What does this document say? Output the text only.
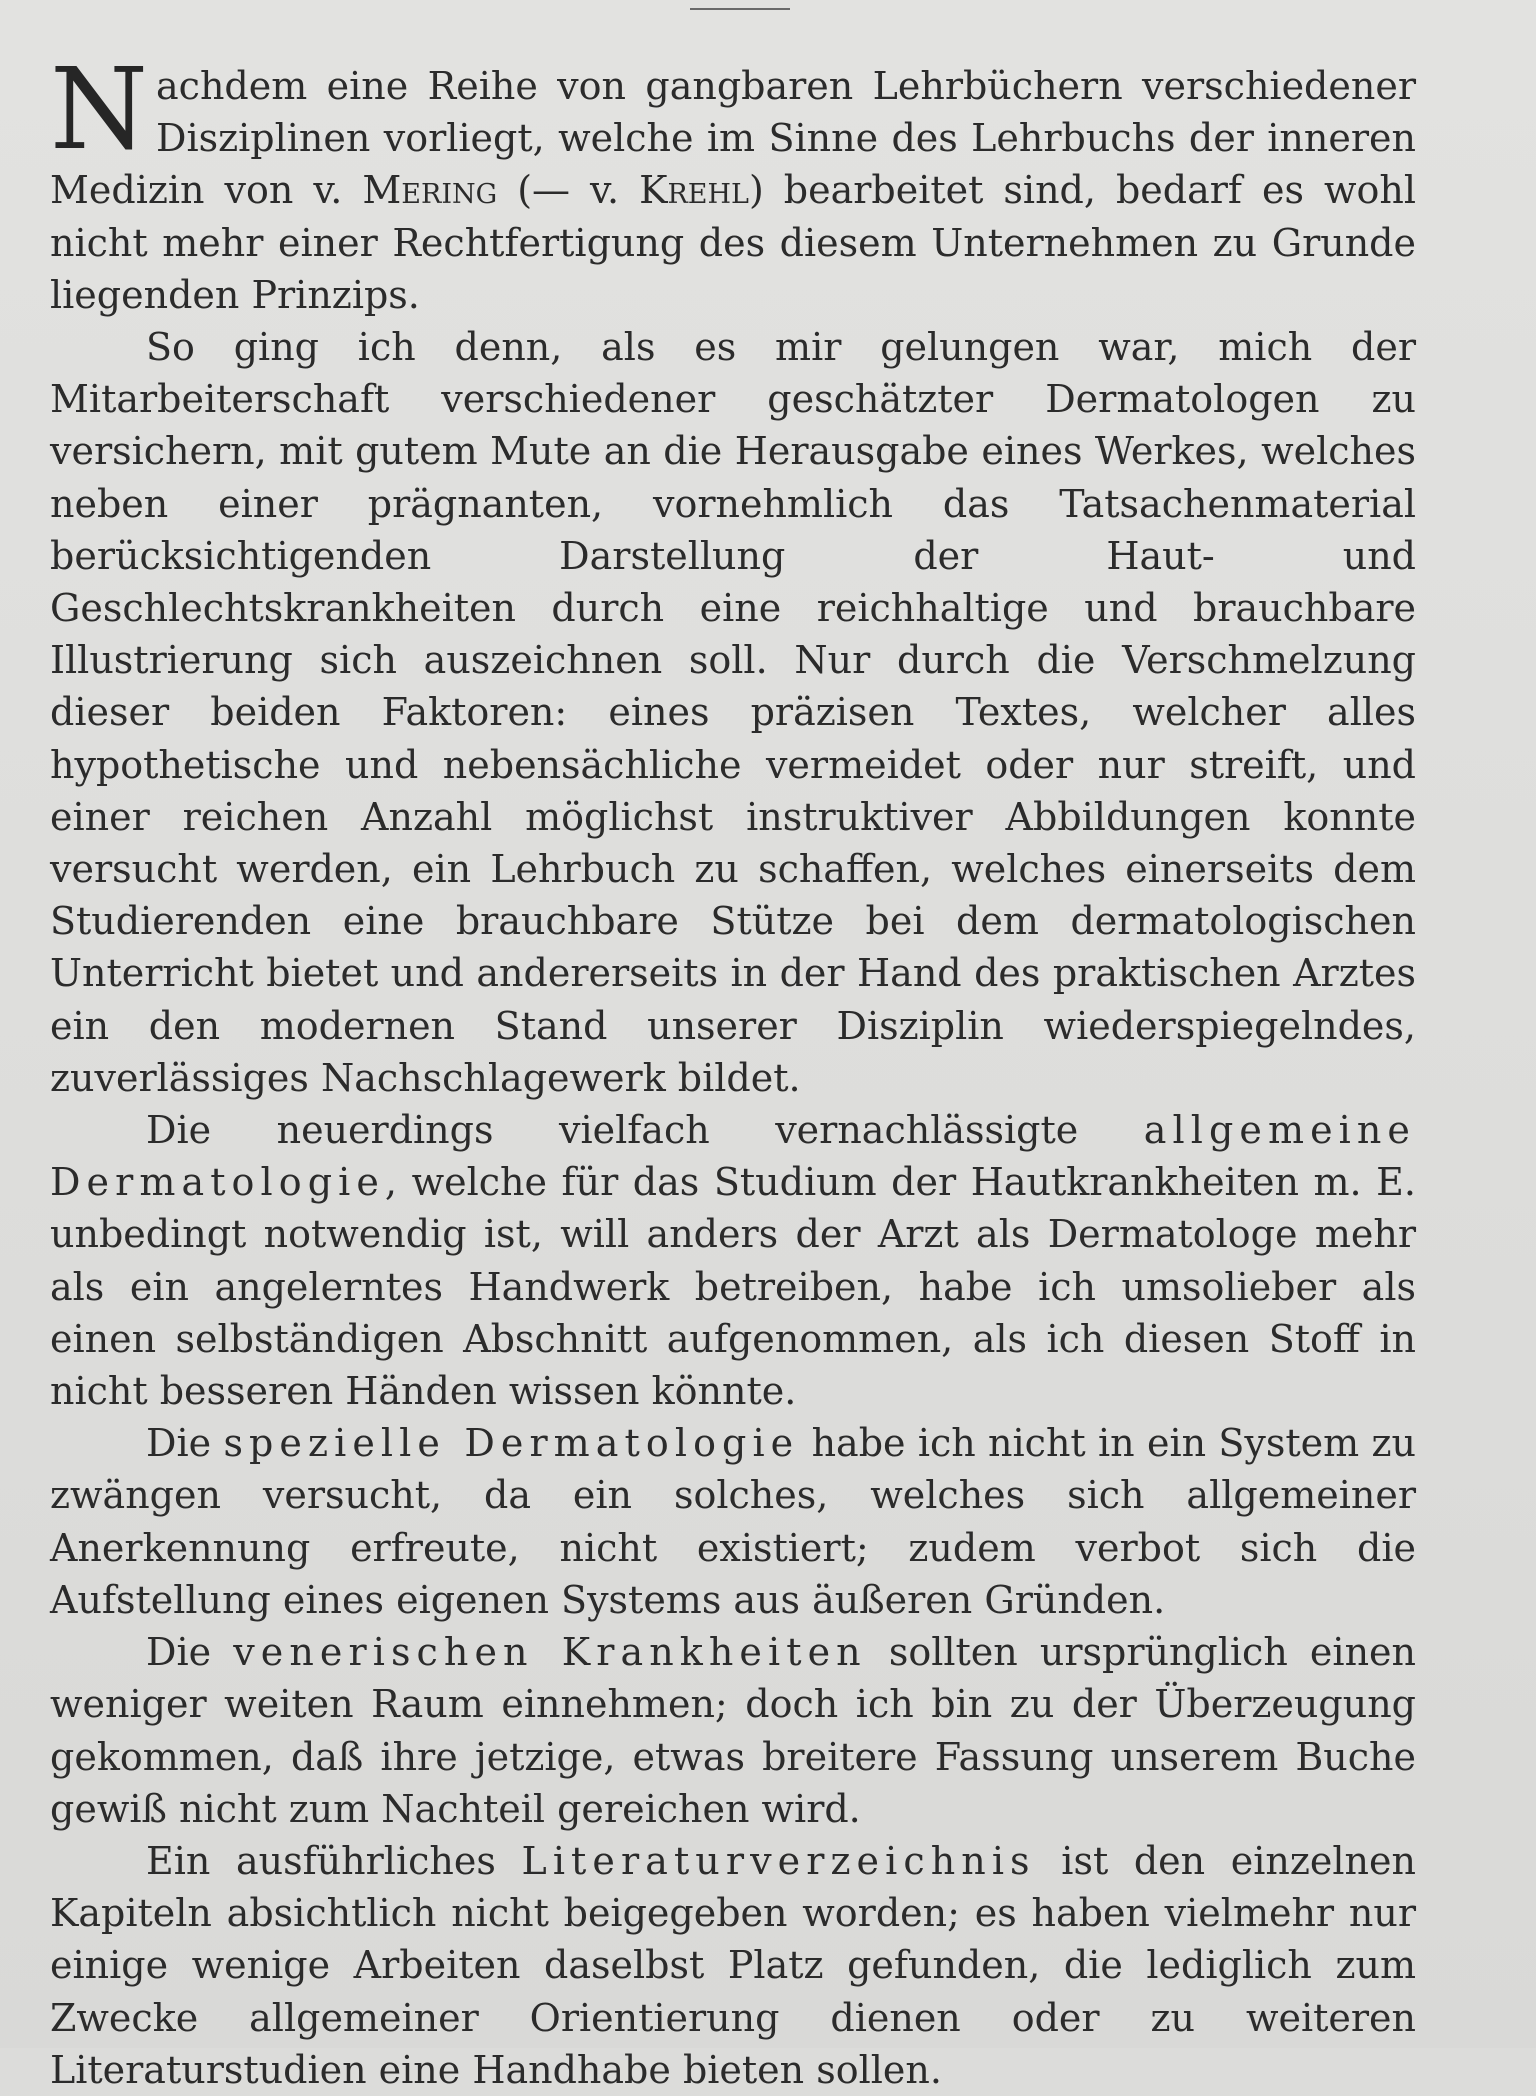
Nachdem eine Reihe von gangbaren Lehrbüchern verschiedener Disziplinen vorliegt, welche im Sinne des Lehrbuchs der inneren Medizin von v. Mering (— v. Krehl) bearbeitet sind, bedarf es wohl nicht mehr einer Rechtfertigung des diesem Unternehmen zu Grunde liegenden Prinzips.

So ging ich denn, als es mir gelungen war, mich der Mitarbeiterschaft verschiedener geschätzter Dermatologen zu versichern, mit gutem Mute an die Herausgabe eines Werkes, welches neben einer prägnanten, vornehmlich das Tatsachenmaterial berücksichtigenden Darstellung der Haut- und Geschlechtskrankheiten durch eine reichhaltige und brauchbare Illustrierung sich auszeichnen soll. Nur durch die Verschmelzung dieser beiden Faktoren: eines präzisen Textes, welcher alles hypothetische und nebensächliche vermeidet oder nur streift, und einer reichen Anzahl möglichst instruktiver Abbildungen konnte versucht werden, ein Lehrbuch zu schaffen, welches einerseits dem Studierenden eine brauchbare Stütze bei dem dermatologischen Unterricht bietet und andererseits in der Hand des praktischen Arztes ein den modernen Stand unserer Disziplin wiederspiegelndes, zuverlässiges Nachschlagewerk bildet.

Die neuerdings vielfach vernachlässigte allgemeine Dermatologie, welche für das Studium der Hautkrankheiten m. E. unbedingt notwendig ist, will anders der Arzt als Dermatologe mehr als ein angelerntes Handwerk betreiben, habe ich umsolieber als einen selbständigen Abschnitt aufgenommen, als ich diesen Stoff in nicht besseren Händen wissen könnte.

Die spezielle Dermatologie habe ich nicht in ein System zu zwängen versucht, da ein solches, welches sich allgemeiner Anerkennung erfreute, nicht existiert; zudem verbot sich die Aufstellung eines eigenen Systems aus äußeren Gründen.

Die venerischen Krankheiten sollten ursprünglich einen weniger weiten Raum einnehmen; doch ich bin zu der Überzeugung gekommen, daß ihre jetzige, etwas breitere Fassung unserem Buche gewiß nicht zum Nachteil gereichen wird.

Ein ausführliches Literaturverzeichnis ist den einzelnen Kapiteln absichtlich nicht beigegeben worden; es haben vielmehr nur einige wenige Arbeiten daselbst Platz gefunden, die lediglich zum Zwecke allgemeiner Orientierung dienen oder zu weiteren Literaturstudien eine Handhabe bieten sollen.
